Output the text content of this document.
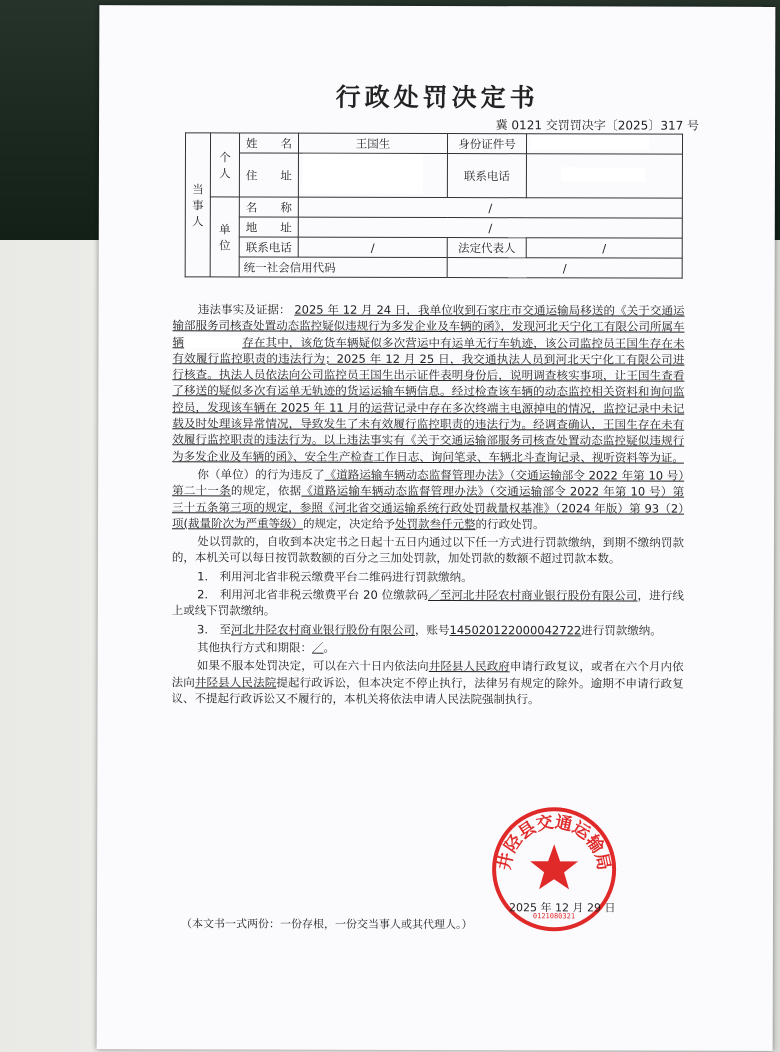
行政处罚决定书
冀 0121 交罚罚决字〔2025〕317 号
当事人	个人	姓　　名	王国生	身份证件号	
		住　　址		联系电话	
	单位	名　　称	/		
		地　　址	/		
		联系电话	/	法定代表人	/
		统一社会信用代码		/	

违法事实及证据： 2025 年 12 月 24 日，我单位收到石家庄市交通运输局移送的《关于交通运输部服务司核查处置动态监控疑似违规行为多发企业及车辆的函》，发现河北天宁化工有限公司所属车辆	存在其中，该危货车辆疑似多次营运中有运单无行车轨迹，该公司监控员王国生存在未有效履行监控职责的违法行为；2025 年 12 月 25 日，我交通执法人员到河北天宁化工有限公司进行核查。执法人员依法向公司监控员王国生出示证件表明身份后，说明调查核实事项，让王国生查看了移送的疑似多次有运单无轨迹的货运运输车辆信息。经过检查该车辆的动态监控相关资料和询问监控员，发现该车辆在 2025 年 11 月的运营记录中存在多次终端主电源掉电的情况，监控记录中未记载及时处理该异常情况，导致发生了未有效履行监控职责的违法行为。经调查确认，王国生存在未有效履行监控职责的违法行为。以上违法事实有《关于交通运输部服务司核查处置动态监控疑似违规行为多发企业及车辆的函》、安全生产检查工作日志、询问笔录、车辆北斗查询记录、视听资料等为证。

你（单位）的行为违反了《道路运输车辆动态监督管理办法》（交通运输部令 2022 年第 10 号）第二十一条的规定，依据《道路运输车辆动态监督管理办法》（交通运输部令 2022 年第 10 号）第三十五条第三项的规定，参照《河北省交通运输系统行政处罚裁量权基准》（2024 年版）第 93（2）项(裁量阶次为严重等级）的规定，决定给予处罚款叁仟元整的行政处罚。

处以罚款的，自收到本决定书之日起十五日内通过以下任一方式进行罚款缴纳，到期不缴纳罚款的，本机关可以每日按罚款数额的百分之三加处罚款，加处罚款的数额不超过罚款本数。

1.　利用河北省非税云缴费平台二维码进行罚款缴纳。

2.　利用河北省非税云缴费平台 20 位缴款码／至河北井陉农村商业银行股份有限公司，进行线上或线下罚款缴纳。

3.　至河北井陉农村商业银行股份有限公司，账号145020122000042722进行罚款缴纳。

其他执行方式和期限：／。

如果不服本处罚决定，可以在六十日内依法向井陉县人民政府申请行政复议，或者在六个月内依法向井陉县人民法院提起行政诉讼，但本决定不停止执行，法律另有规定的除外。逾期不申请行政复议、不提起行政诉讼又不履行的，本机关将依法申请人民法院强制执行。

井陉县交通运输局
0121080321
2025 年 12 月 29 日
（本文书一式两份：一份存根，一份交当事人或其代理人。）
